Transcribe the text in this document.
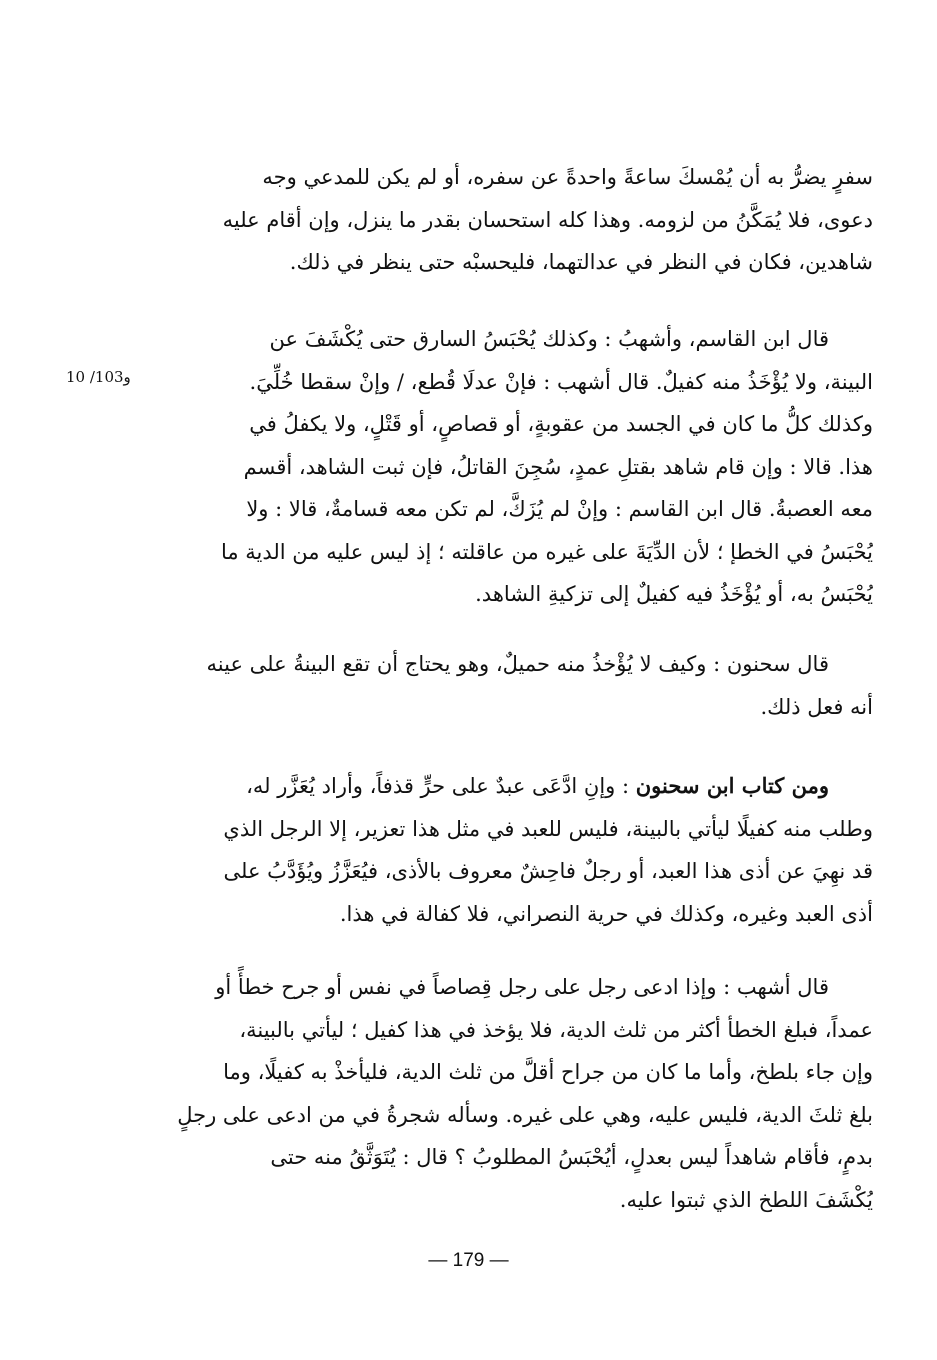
سفرٍ يضرُّ به أن يُمْسكَ ساعةً واحدةً عن سفره، أو لم يكن للمدعي وجه
دعوى، فلا يُمَكَّنُ من لزومه. وهذا كله استحسان بقدر ما ينزل، وإن أقام عليه
شاهدين، فكان في النظر في عدالتهما، فليحسبْه حتى ينظر في ذلك.
قال ابن القاسم، وأشهبُ : وكذلك يُحْبَسُ السارق حتى يُكْشَفَ عن
البينة، ولا يُؤْخَذُ منه كفيلٌ. قال أشهب : فإنْ عدلَا قُطع، / وإنْ سقطا خُلِّيَ.
وكذلك كلُّ ما كان في الجسد من عقوبةٍ، أو قصاصٍ، أو قَتْلٍ، ولا يكفلُ في
هذا. قالا : وإن قام شاهد بقتلِ عمدٍ، سُجِنَ القاتلُ، فإن ثبت الشاهد، أقسم
معه العصبةُ. قال ابن القاسم : وإنْ لم يُزَكَّ، لم تكن معه قسامةٌ، قالا : ولا
يُحْبَسُ في الخطإ ؛ لأن الدِّيَةَ على غيره من عاقلته ؛ إذ ليس عليه من الدية ما
يُحْبَسُ به، أو يُؤْخَذُ فيه كفيلٌ إلى تزكيةِ الشاهد.
10 /103و
قال سحنون : وكيف لا يُؤْخذُ منه حميلٌ، وهو يحتاج أن تقع البينةُ على عينه
أنه فعل ذلك.
ومن كتاب ابن سحنون : وإنِ ادَّعَى عبدٌ على حرٍّ قذفاً، وأراد يُعَزَّر له،
وطلب منه كفيلًا ليأتي بالبينة، فليس للعبد في مثل هذا تعزير، إلا الرجل الذي
قد نهِيَ عن أذى هذا العبد، أو رجلٌ فاحِشٌ معروف بالأذى، فيُعَزَّزُ ويُؤَدَّبُ على
أذى العبد وغيره، وكذلك في حرية النصراني، فلا كفالة في هذا.
قال أشهب : وإذا ادعى رجل على رجل قِصاصاً في نفس أو جرح خطأً أو
عمداً، فبلغ الخطأ أكثر من ثلث الدية، فلا يؤخذ في هذا كفيل ؛ ليأتي بالبينة،
وإن جاء بلطخ، وأما ما كان من جراح أقلَّ من ثلث الدية، فليأخذْ به كفيلًا، وما
بلغ ثلثَ الدية، فليس عليه، وهي على غيره. وسأله شجرةُ في من ادعى على رجلٍ
بدمٍ، فأقام شاهداً ليس بعدلٍ، أيُحْبَسُ المطلوبُ ؟ قال : يُتَوَثَّقُ منه حتى
يُكْشَفَ اللطخ الذي ثبتوا عليه.
— 179 —
